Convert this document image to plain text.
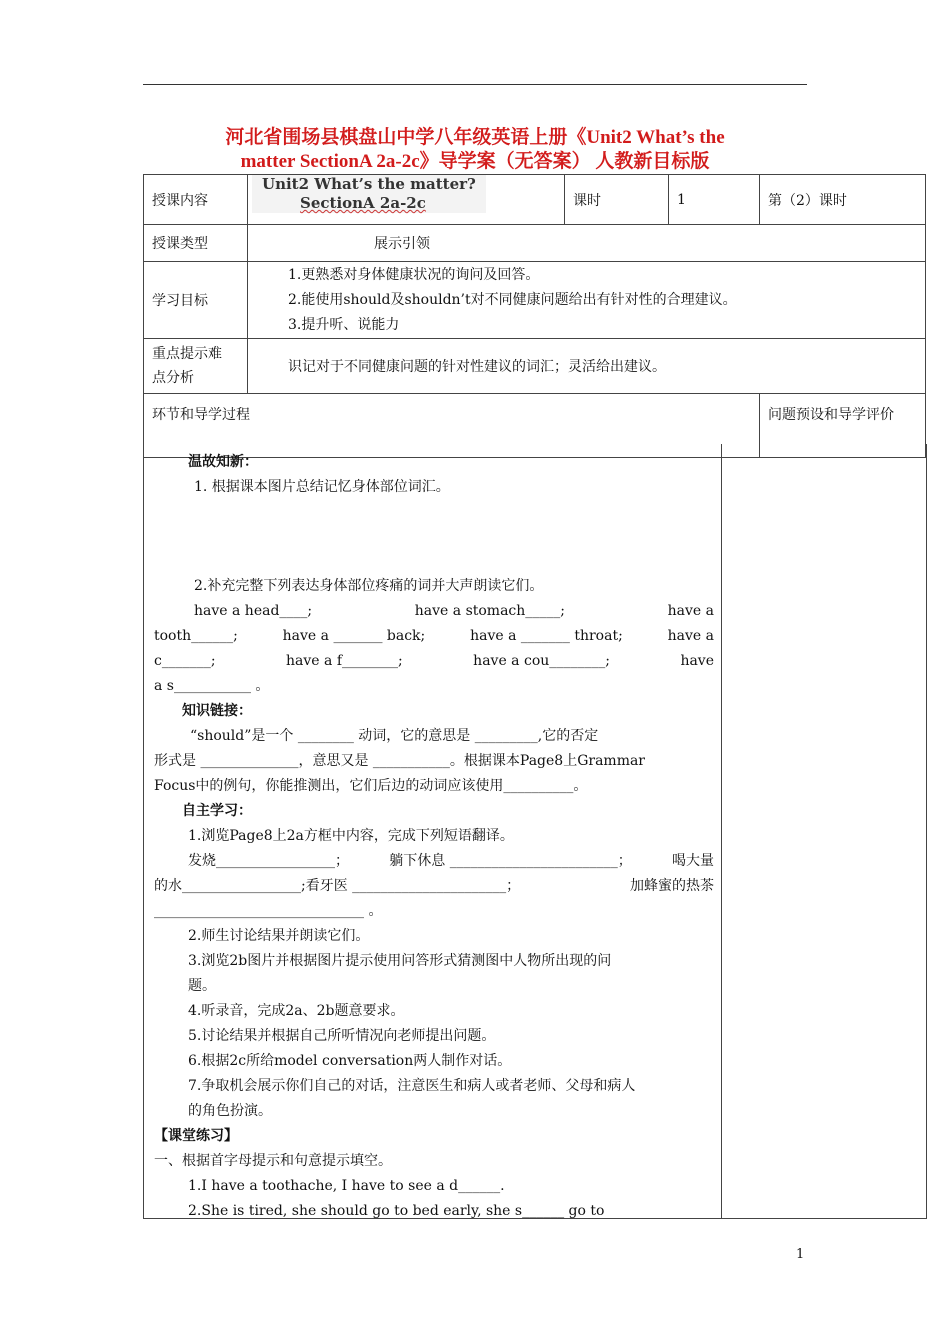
河北省围场县棋盘山中学八年级英语上册《Unit2 What’s the
matter SectionA 2a-2c》导学案（无答案） 人教新目标版
授课内容	Unit2 What’s the matter?
SectionA 2a-2c	课时	1	第（2）课时
授课类型	展示引领			
学习目标	1.更熟悉对身体健康状况的询问及回答。
2.能使用should及shouldn’t对不同健康问题给出有针对性的合理建议。
3.提升听、说能力			

重点提示难
点分析	识记对于不同健康问题的针对性建议的词汇；灵活给出建议。			
环节和导学过程				问题预设和导学评价

温故知新：

1. 根据课本图片总结记忆身体部位词汇。

2.补充完整下列表达身体部位疼痛的词并大声朗读它们。

have a head____;	have a stomach_____;	have a
tooth______;	have a _______ back;	have a _______ throat;	have a
c_______;	have a f________;	have a cou________;	have

a s___________ 。

知识链接：

“should”是一个 ________ 动词，它的意思是 _________,它的否定

形式是 ______________，意思又是 ___________。根据课本Page8上Grammar

Focus中的例句，你能推测出，它们后边的动词应该使用__________。

自主学习：

1.浏览Page8上2a方框中内容，完成下列短语翻译。

发烧_________________；	躺下休息 ________________________；	喝大量
的水_________________;看牙医 ______________________；	加蜂蜜的热茶

______________________________ 。

2.师生讨论结果并朗读它们。

3.浏览2b图片并根据图片提示使用问答形式猜测图中人物所出现的问

题。

4.听录音，完成2a、2b题意要求。

5.讨论结果并根据自己所听情况向老师提出问题。

6.根据2c所给model conversation两人制作对话。

7.争取机会展示你们自己的对话，注意医生和病人或者老师、父母和病人

的角色扮演。

【课堂练习】

一、根据首字母提示和句意提示填空。

1.I have a toothache, I have to see a d______.

2.She is tired, she should go to bed early, she s______ go to

1
